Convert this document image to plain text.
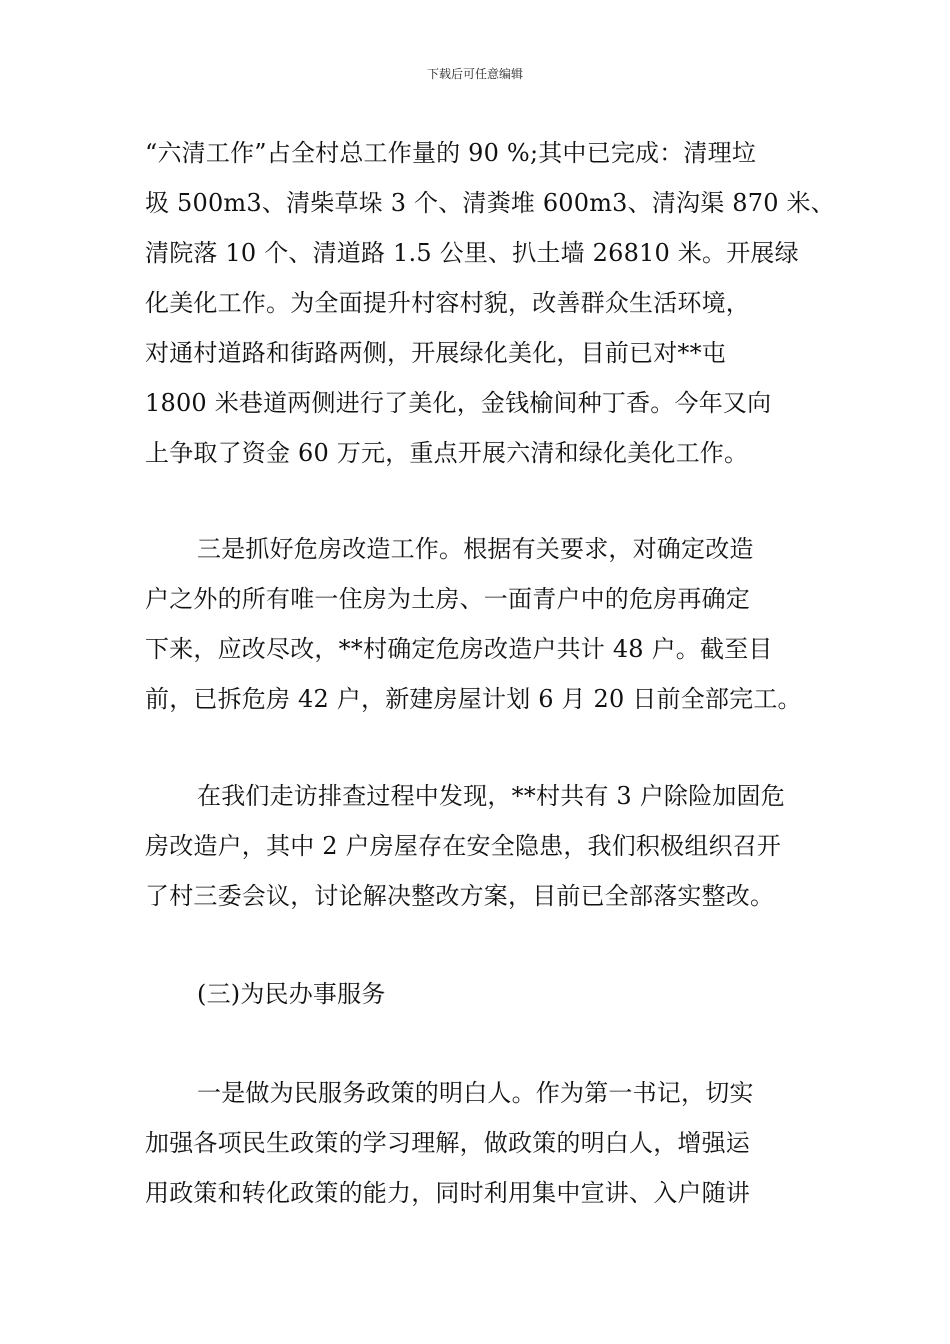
下载后可任意编辑
“六清工作”占全村总工作量的 90 %;其中已完成：清理垃
圾 500m3、清柴草垛 3 个、清粪堆 600m3、清沟渠 870 米、
清院落 10 个、清道路 1.5 公里、扒土墙 26810 米。开展绿
化美化工作。为全面提升村容村貌，改善群众生活环境，
对通村道路和街路两侧，开展绿化美化，目前已对**屯
1800 米巷道两侧进行了美化，金钱榆间种丁香。今年又向
上争取了资金 60 万元，重点开展六清和绿化美化工作。
三是抓好危房改造工作。根据有关要求，对确定改造
户之外的所有唯一住房为土房、一面青户中的危房再确定
下来，应改尽改，**村确定危房改造户共计 48 户。截至目
前，已拆危房 42 户，新建房屋计划 6 月 20 日前全部完工。
在我们走访排查过程中发现，**村共有 3 户除险加固危
房改造户，其中 2 户房屋存在安全隐患，我们积极组织召开
了村三委会议，讨论解决整改方案，目前已全部落实整改。
(三)为民办事服务
一是做为民服务政策的明白人。作为第一书记，切实
加强各项民生政策的学习理解，做政策的明白人，增强运
用政策和转化政策的能力，同时利用集中宣讲、入户随讲
